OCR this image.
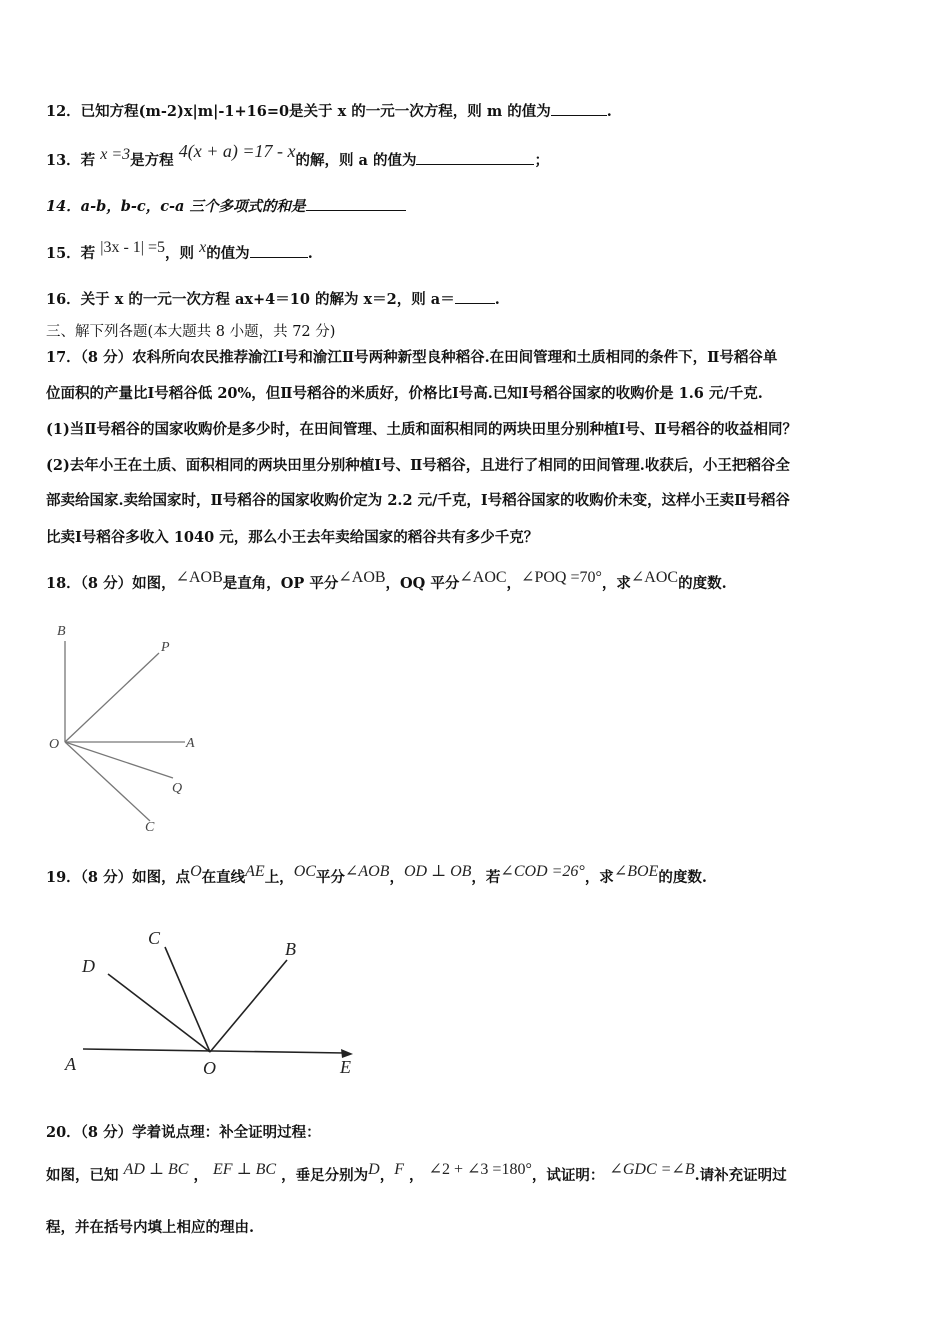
12．已知方程(m-2)x|m|-1+16=0是关于 x 的一元一次方程，则 m 的值为	.
13．若 x =3是方程 4(x + a) =17 - x的解，则 a 的值为	；
14．a-b，b-c，c-a 三个多项式的和是
15．若 |3x - 1| =5，则 x的值为	.
16．关于 x 的一元一次方程 ax+4＝10 的解为 x＝2，则 a＝	.
三、解下列各题(本大题共 8 小题，共 72 分)
17．（8 分）农科所向农民推荐渝江Ⅰ号和渝江Ⅱ号两种新型良种稻谷.在田间管理和土质相同的条件下，Ⅱ号稻谷单
位面积的产量比Ⅰ号稻谷低 20%，但Ⅱ号稻谷的米质好，价格比Ⅰ号高.已知Ⅰ号稻谷国家的收购价是 1.6 元/千克.
(1)当Ⅱ号稻谷的国家收购价是多少时，在田间管理、土质和面积相同的两块田里分别种植Ⅰ号、Ⅱ号稻谷的收益相同？
(2)去年小王在土质、面积相同的两块田里分别种植Ⅰ号、Ⅱ号稻谷，且进行了相同的田间管理.收获后，小王把稻谷全
部卖给国家.卖给国家时，Ⅱ号稻谷的国家收购价定为 2.2 元/千克，Ⅰ号稻谷国家的收购价未变，这样小王卖Ⅱ号稻谷
比卖Ⅰ号稻谷多收入 1040 元，那么小王去年卖给国家的稻谷共有多少千克？
18．（8 分）如图，∠AOB是直角，OP 平分∠AOB，OQ 平分∠AOC，∠POQ =70°，求∠AOC的度数.
B
P
O	A
Q
C
19．（8 分）如图，点O在直线AE上，OC平分∠AOB，OD ⊥ OB，若∠COD =26°，求∠BOE的度数.
D
C
B
A	O	E
20．（8 分）学着说点理：补全证明过程：
如图，已知 AD ⊥ BC ， EF ⊥ BC ，垂足分别为D，F ， ∠2 + ∠3 =180°，试证明： ∠GDC =∠B.请补充证明过
程，并在括号内填上相应的理由.
